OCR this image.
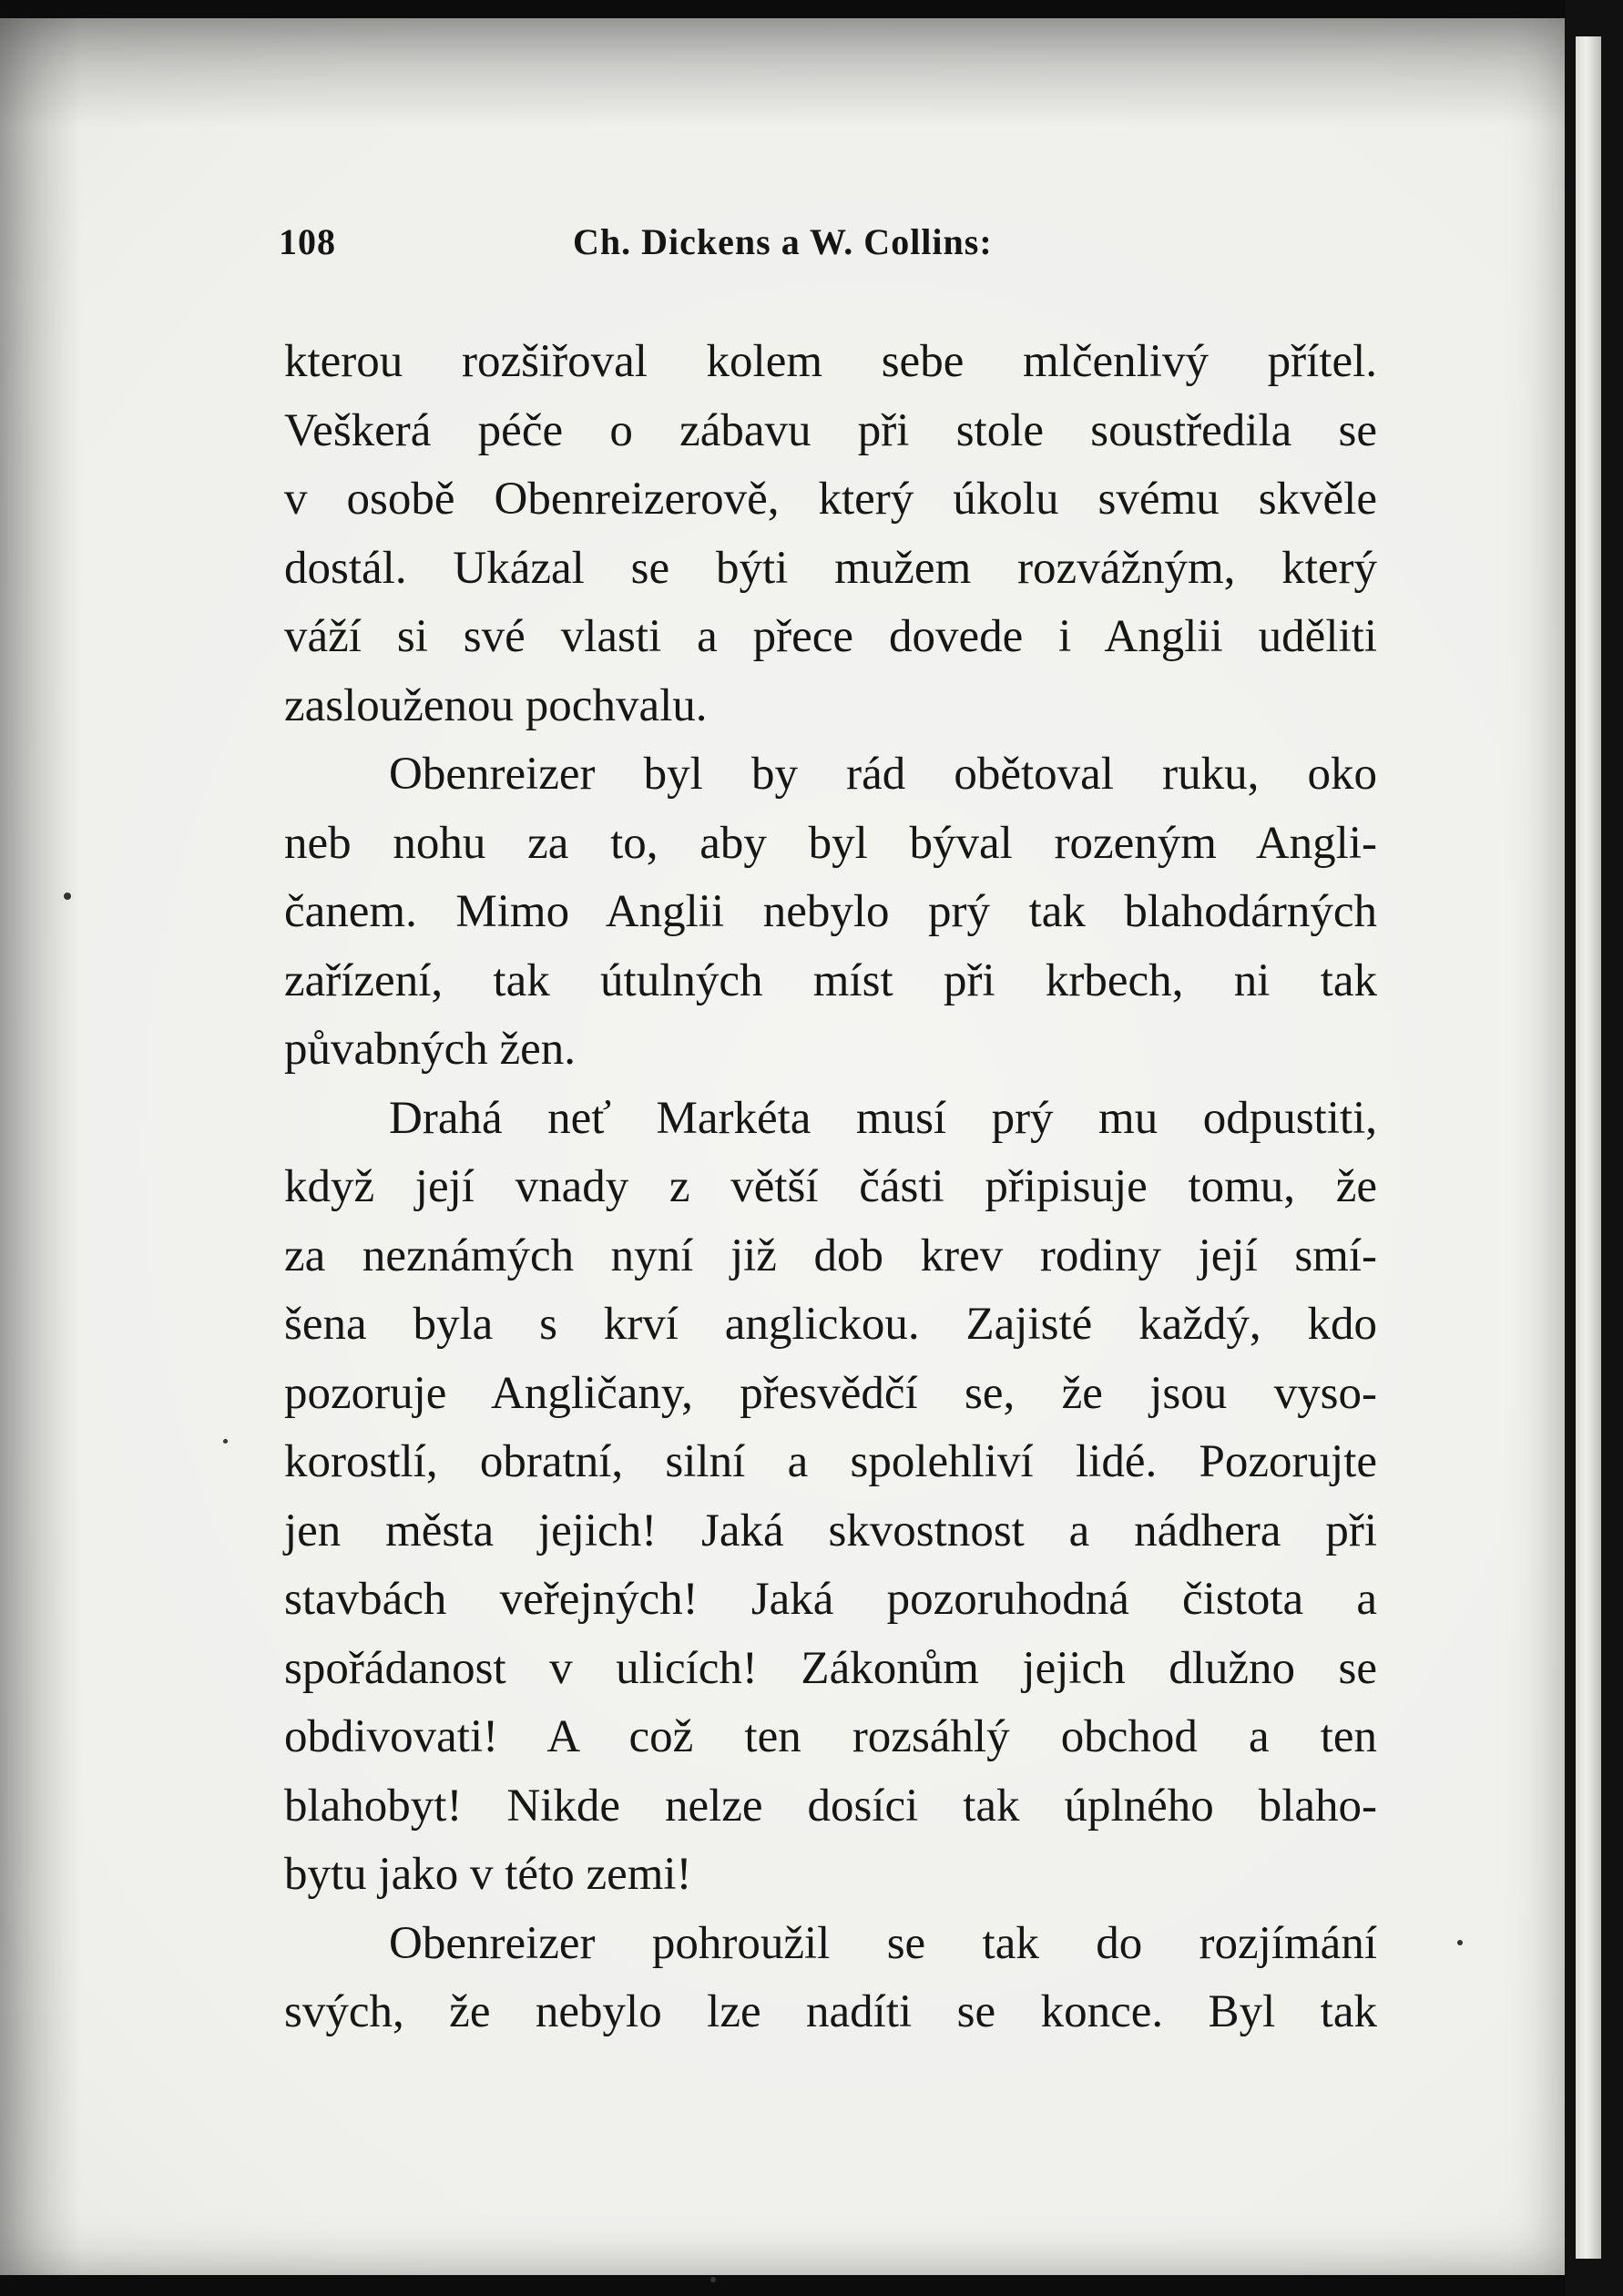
108	Ch. Dickens a W. Collins:
kterou rozšiřoval kolem sebe mlčenlivý přítel.
Veškerá péče o zábavu při stole soustředila se
v osobě Obenreizerově, který úkolu svému skvěle
dostál. Ukázal se býti mužem rozvážným, který
váží si své vlasti a přece dovede i Anglii uděliti
zaslouženou pochvalu.
Obenreizer byl by rád obětoval ruku, oko
neb nohu za to, aby byl býval rozeným Angli-
čanem. Mimo Anglii nebylo prý tak blahodárných
zařízení, tak útulných míst při krbech, ni tak
půvabných žen.
Drahá neť Markéta musí prý mu odpustiti,
když její vnady z větší části připisuje tomu, že
za neznámých nyní již dob krev rodiny její smí-
šena byla s krví anglickou. Zajisté každý, kdo
pozoruje Angličany, přesvědčí se, že jsou vyso-
korostlí, obratní, silní a spolehliví lidé. Pozorujte
jen města jejich! Jaká skvostnost a nádhera při
stavbách veřejných! Jaká pozoruhodná čistota a
spořádanost v ulicích! Zákonům jejich dlužno se
obdivovati! A což ten rozsáhlý obchod a ten
blahobyt! Nikde nelze dosíci tak úplného blaho-
bytu jako v této zemi!
Obenreizer pohroužil se tak do rozjímání
svých, že nebylo lze nadíti se konce. Byl tak
